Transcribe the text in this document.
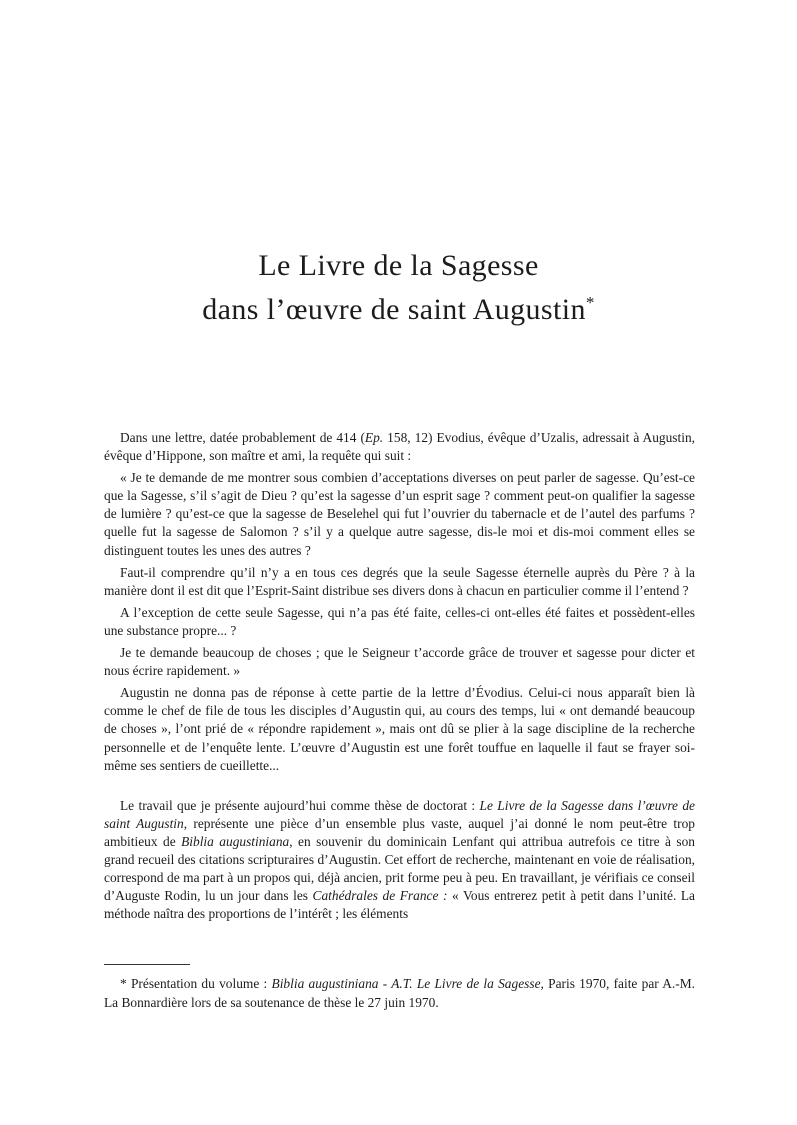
Le Livre de la Sagesse
dans l’œuvre de saint Augustin*

Dans une lettre, datée probablement de 414 (Ep. 158, 12) Evodius, évêque d’Uzalis, adressait à Augustin, évêque d’Hippone, son maître et ami, la requête qui suit :

« Je te demande de me montrer sous combien d’acceptations diverses on peut parler de sagesse. Qu’est-ce que la Sagesse, s’il s’agit de Dieu ? qu’est la sagesse d’un esprit sage ? comment peut-on qualifier la sagesse de lumière ? qu’est-ce que la sagesse de Beselehel qui fut l’ouvrier du tabernacle et de l’autel des parfums ? quelle fut la sagesse de Salomon ? s’il y a quelque autre sagesse, dis-le moi et dis-moi comment elles se distinguent toutes les unes des autres ?

Faut-il comprendre qu’il n’y a en tous ces degrés que la seule Sagesse éternelle auprès du Père ? à la manière dont il est dit que l’Esprit-Saint distribue ses divers dons à chacun en particulier comme il l’entend ?

A l’exception de cette seule Sagesse, qui n’a pas été faite, celles-ci ont-elles été faites et possèdent-elles une substance propre... ?

Je te demande beaucoup de choses ; que le Seigneur t’accorde grâce de trouver et sagesse pour dicter et nous écrire rapidement. »

Augustin ne donna pas de réponse à cette partie de la lettre d’Évodius. Celui-ci nous apparaît bien là comme le chef de file de tous les disciples d’Augustin qui, au cours des temps, lui « ont demandé beaucoup de choses », l’ont prié de « répondre rapidement », mais ont dû se plier à la sage discipline de la recherche personnelle et de l’enquête lente. L’œuvre d’Augustin est une forêt touffue en laquelle il faut se frayer soi-même ses sentiers de cueillette...

Le travail que je présente aujourd’hui comme thèse de doctorat : Le Livre de la Sagesse dans l’œuvre de saint Augustin, représente une pièce d’un ensemble plus vaste, auquel j’ai donné le nom peut-être trop ambitieux de Biblia augustiniana, en souvenir du dominicain Lenfant qui attribua autrefois ce titre à son grand recueil des citations scripturaires d’Augustin. Cet effort de recherche, maintenant en voie de réalisation, correspond de ma part à un propos qui, déjà ancien, prit forme peu à peu. En travaillant, je vérifiais ce conseil d’Auguste Rodin, lu un jour dans les Cathédrales de France : « Vous entrerez petit à petit dans l’unité. La méthode naîtra des proportions de l’intérêt ; les éléments

* Présentation du volume : Biblia augustiniana - A.T. Le Livre de la Sagesse, Paris 1970, faite par A.-M. La Bonnardière lors de sa soutenance de thèse le 27 juin 1970.
